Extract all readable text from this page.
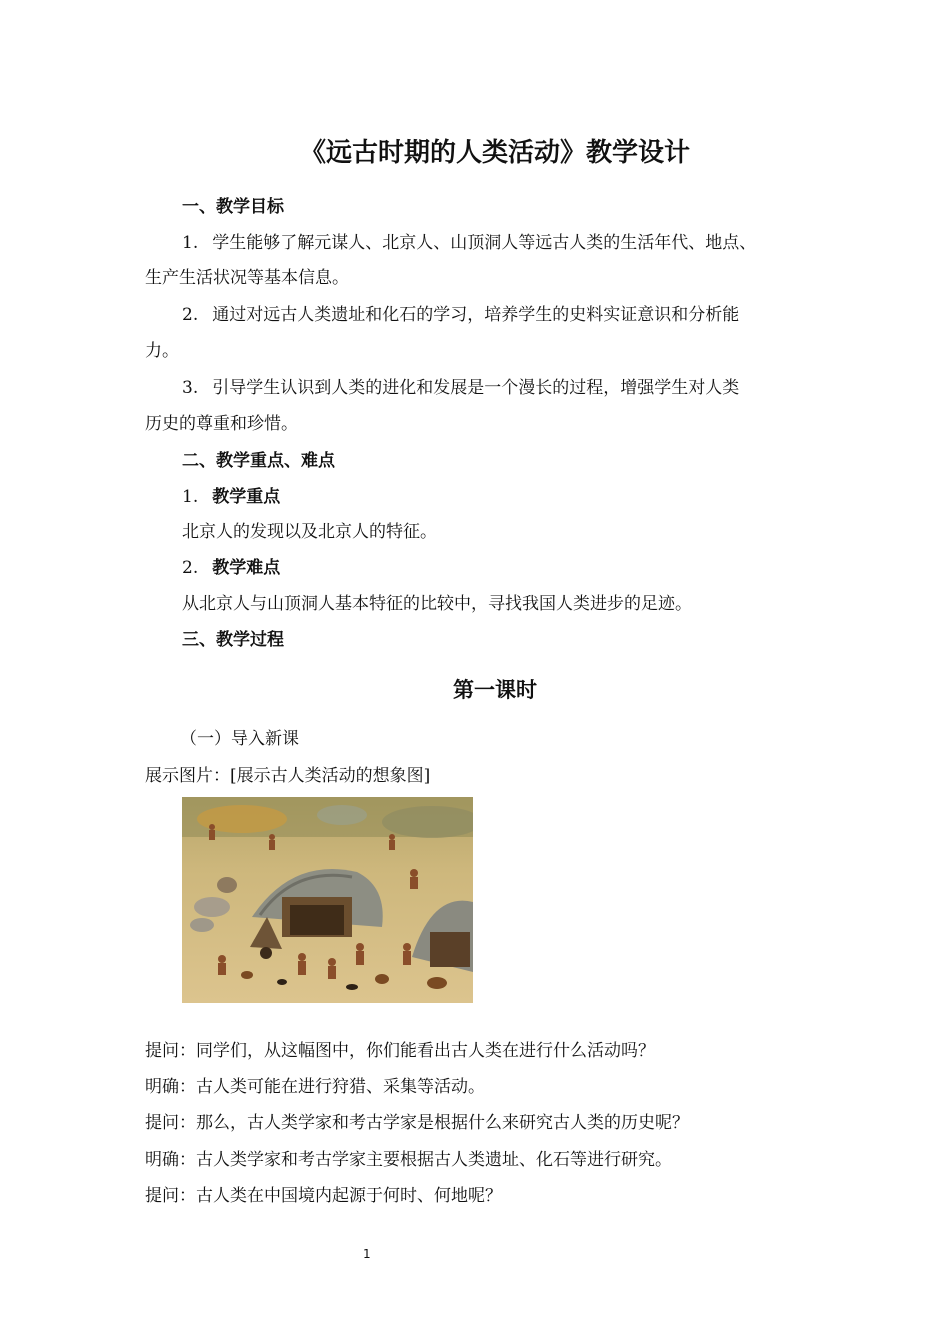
《远古时期的人类活动》教学设计
一、教学目标
1. 学生能够了解元谋人、北京人、山顶洞人等远古人类的生活年代、地点、
生产生活状况等基本信息。
2. 通过对远古人类遗址和化石的学习，培养学生的史料实证意识和分析能
力。
3. 引导学生认识到人类的进化和发展是一个漫长的过程，增强学生对人类
历史的尊重和珍惜。
二、教学重点、难点
1. 教学重点
北京人的发现以及北京人的特征。
2. 教学难点
从北京人与山顶洞人基本特征的比较中，寻找我国人类进步的足迹。
三、教学过程
第一课时
（一）导入新课
展示图片：[展示古人类活动的想象图]
提问：同学们，从这幅图中，你们能看出古人类在进行什么活动吗？
明确：古人类可能在进行狩猎、采集等活动。
提问：那么，古人类学家和考古学家是根据什么来研究古人类的历史呢？
明确：古人类学家和考古学家主要根据古人类遗址、化石等进行研究。
提问：古人类在中国境内起源于何时、何地呢？
1
